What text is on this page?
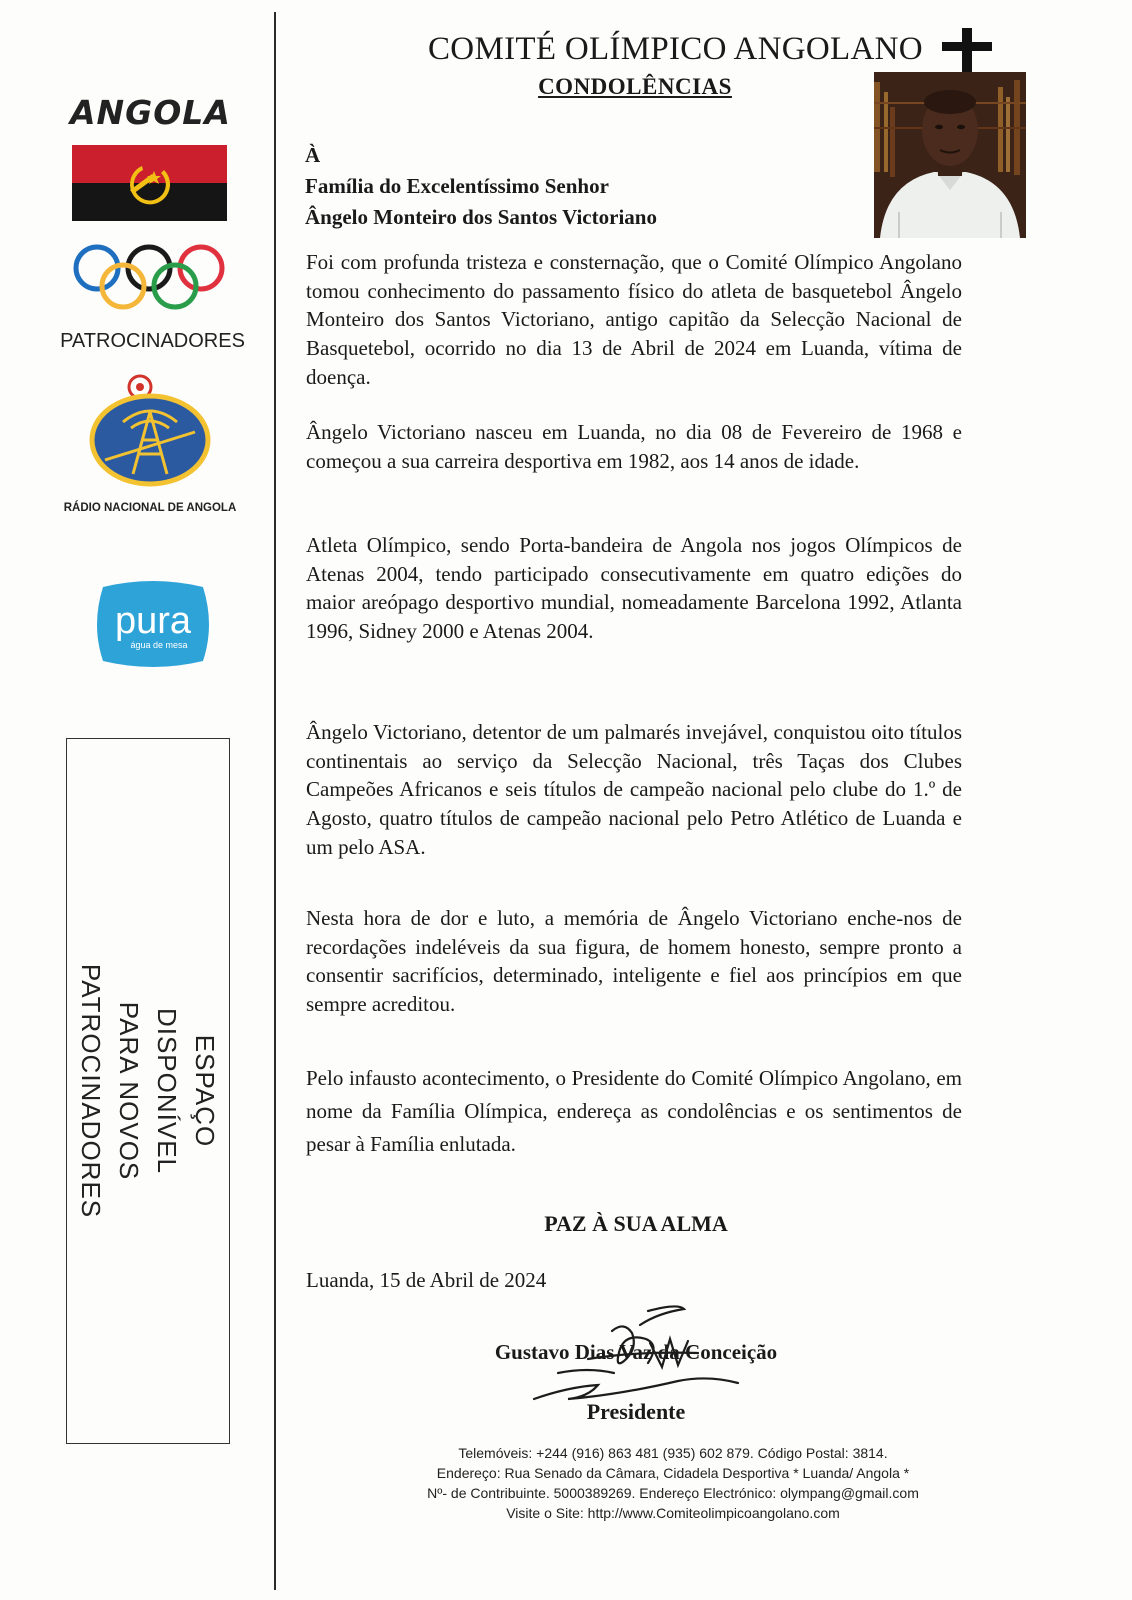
ANGOLA
PATROCINADORES
RÁDIO NACIONAL DE ANGOLA
pura
água de mesa
ESPAÇO
DISPONÍVEL
PARA NOVOS
PATROCINADORES
COMITÉ OLÍMPICO ANGOLANO
CONDOLÊNCIAS
À
Família do Excelentíssimo Senhor
Ângelo Monteiro dos Santos Victoriano

Foi com profunda tristeza e consternação, que o Comité Olímpico Angolano tomou conhecimento do passamento físico do atleta de basquetebol Ângelo Monteiro dos Santos Victoriano, antigo capitão da Selecção Nacional de Basquetebol, ocorrido no dia 13 de Abril de 2024 em Luanda, vítima de doença.

Ângelo Victoriano nasceu em Luanda, no dia 08 de Fevereiro de 1968 e começou a sua carreira desportiva em 1982, aos 14 anos de idade.

Atleta Olímpico, sendo Porta-bandeira de Angola nos jogos Olímpicos de Atenas 2004, tendo participado consecutivamente em quatro edições do maior areópago desportivo mundial, nomeadamente Barcelona 1992, Atlanta 1996, Sidney 2000 e Atenas 2004.

Ângelo Victoriano, detentor de um palmarés invejável, conquistou oito títulos continentais ao serviço da Selecção Nacional, três Taças dos Clubes Campeões Africanos e seis títulos de campeão nacional pelo clube do 1.º de Agosto, quatro títulos de campeão nacional pelo Petro Atlético de Luanda e um pelo ASA.

Nesta hora de dor e luto, a memória de Ângelo Victoriano enche-nos de recordações indeléveis da sua figura, de homem honesto, sempre pronto a consentir sacrifícios, determinado, inteligente e fiel aos princípios em que sempre acreditou.

Pelo infausto acontecimento, o Presidente do Comité Olímpico Angolano, em nome da Família Olímpica, endereça as condolências e os sentimentos de pesar à Família enlutada.

PAZ À SUA ALMA
Luanda, 15 de Abril de 2024
Gustavo Dias Vaz da Conceição
Presidente
Telemóveis: +244 (916) 863 481 (935) 602 879. Código Postal: 3814.
Endereço: Rua Senado da Câmara, Cidadela Desportiva * Luanda/ Angola *
Nº- de Contribuinte. 5000389269. Endereço Electrónico: olympang@gmail.com
Visite o Site: http://www.Comiteolimpicoangolano.com
